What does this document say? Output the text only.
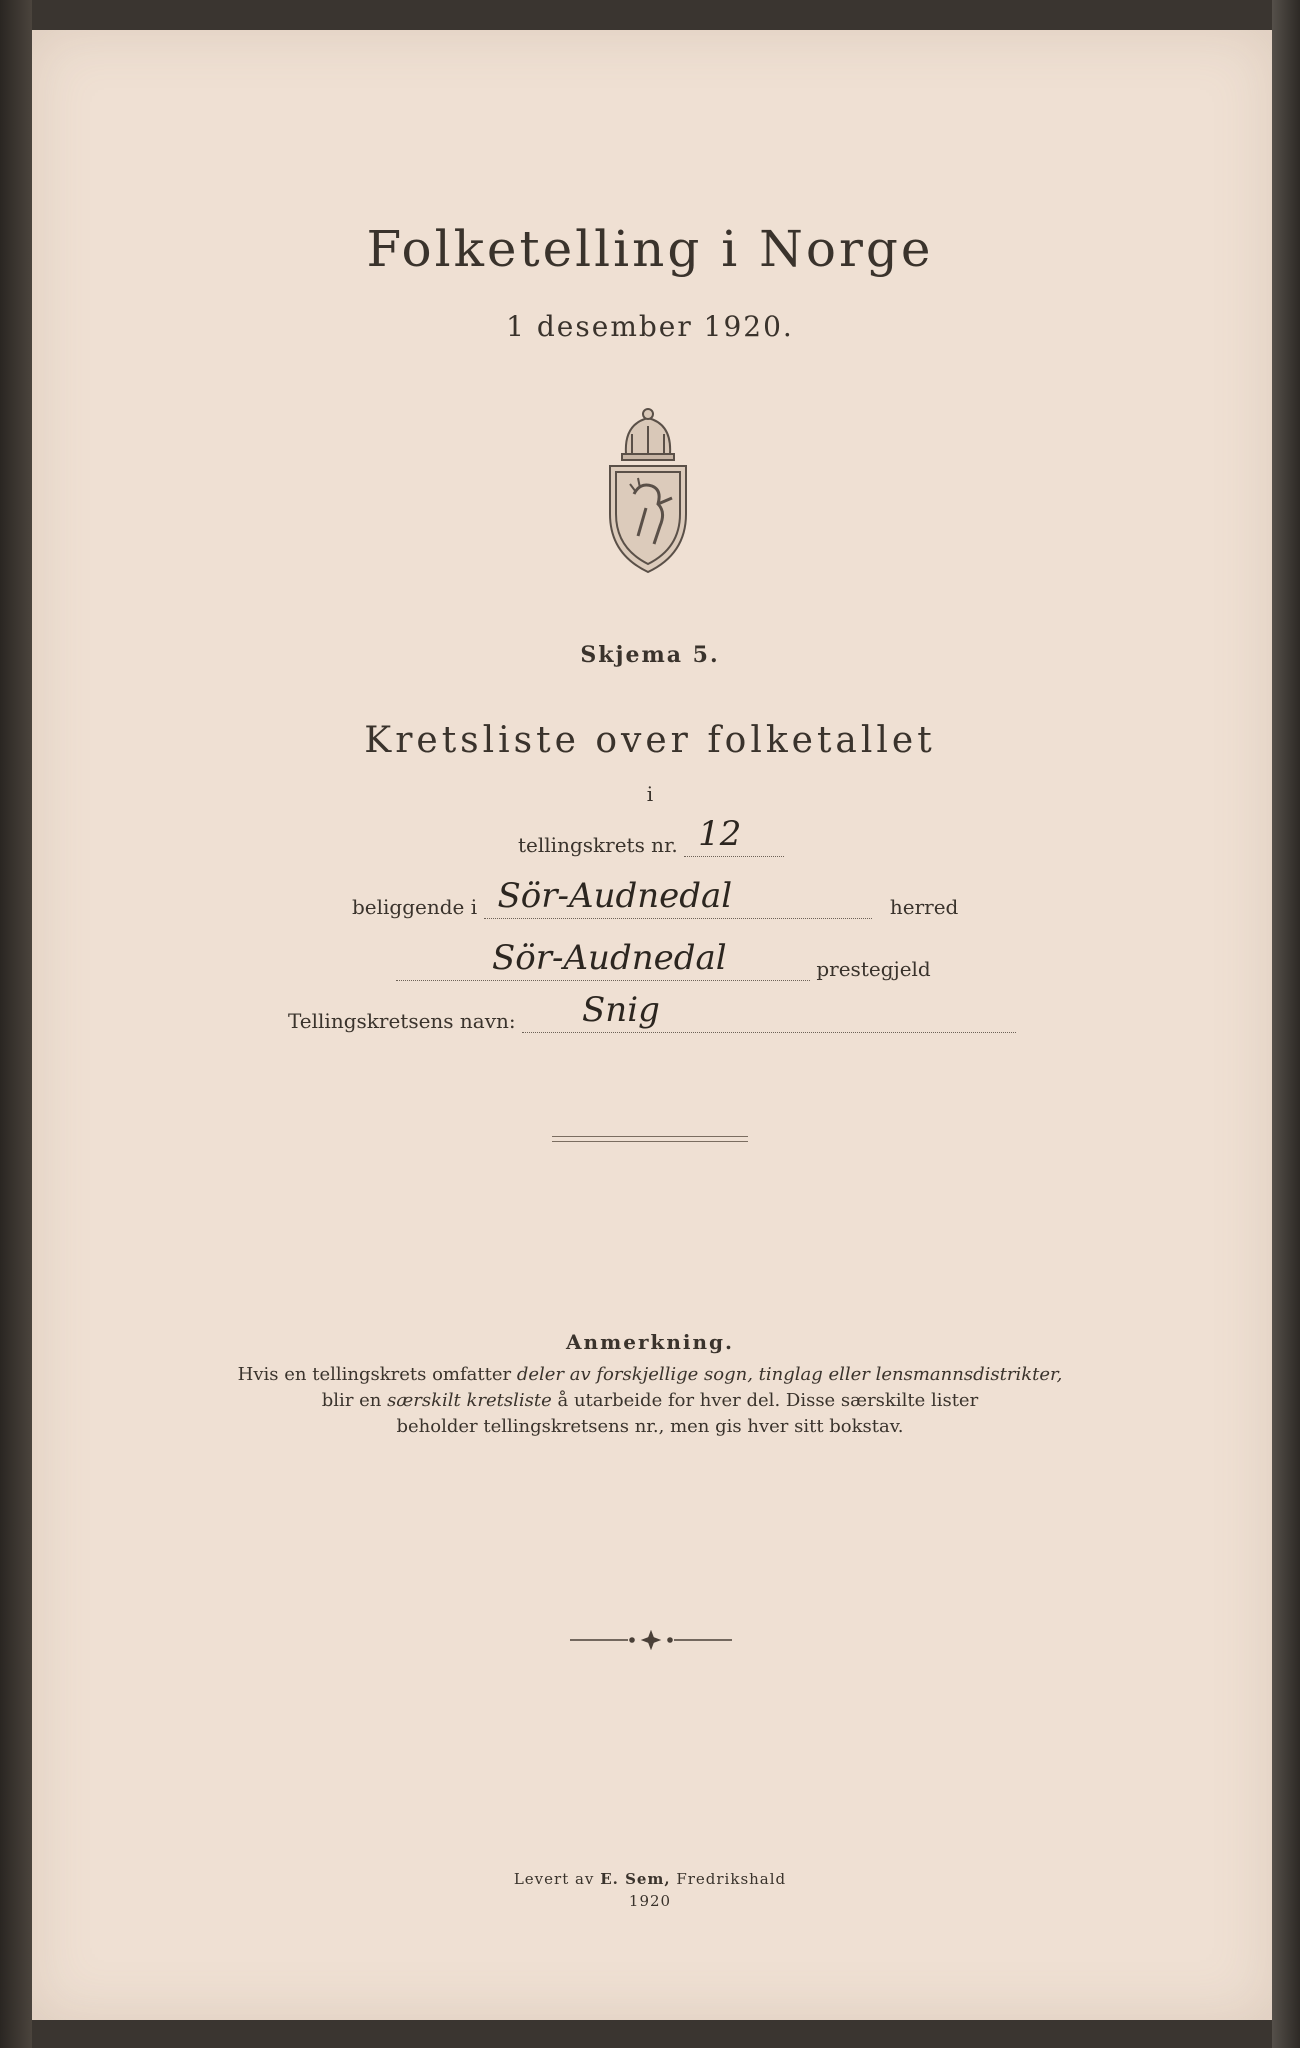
Folketelling i Norge
1 desember 1920.
Skjema 5.
Kretsliste over folketallet
i
tellingskrets nr. 12
beliggende i Sör-Audnedal	herred
Sör-Audnedal	prestegjeld
Tellingskretsens navn: Snig
Anmerkning.
Hvis en tellingskrets omfatter deler av forskjellige sogn, tinglag eller lensmannsdistrikter,
blir en særskilt kretsliste å utarbeide for hver del. Disse særskilte lister
beholder tellingskretsens nr., men gis hver sitt bokstav.
Levert av E. Sem, Fredrikshald
1920
